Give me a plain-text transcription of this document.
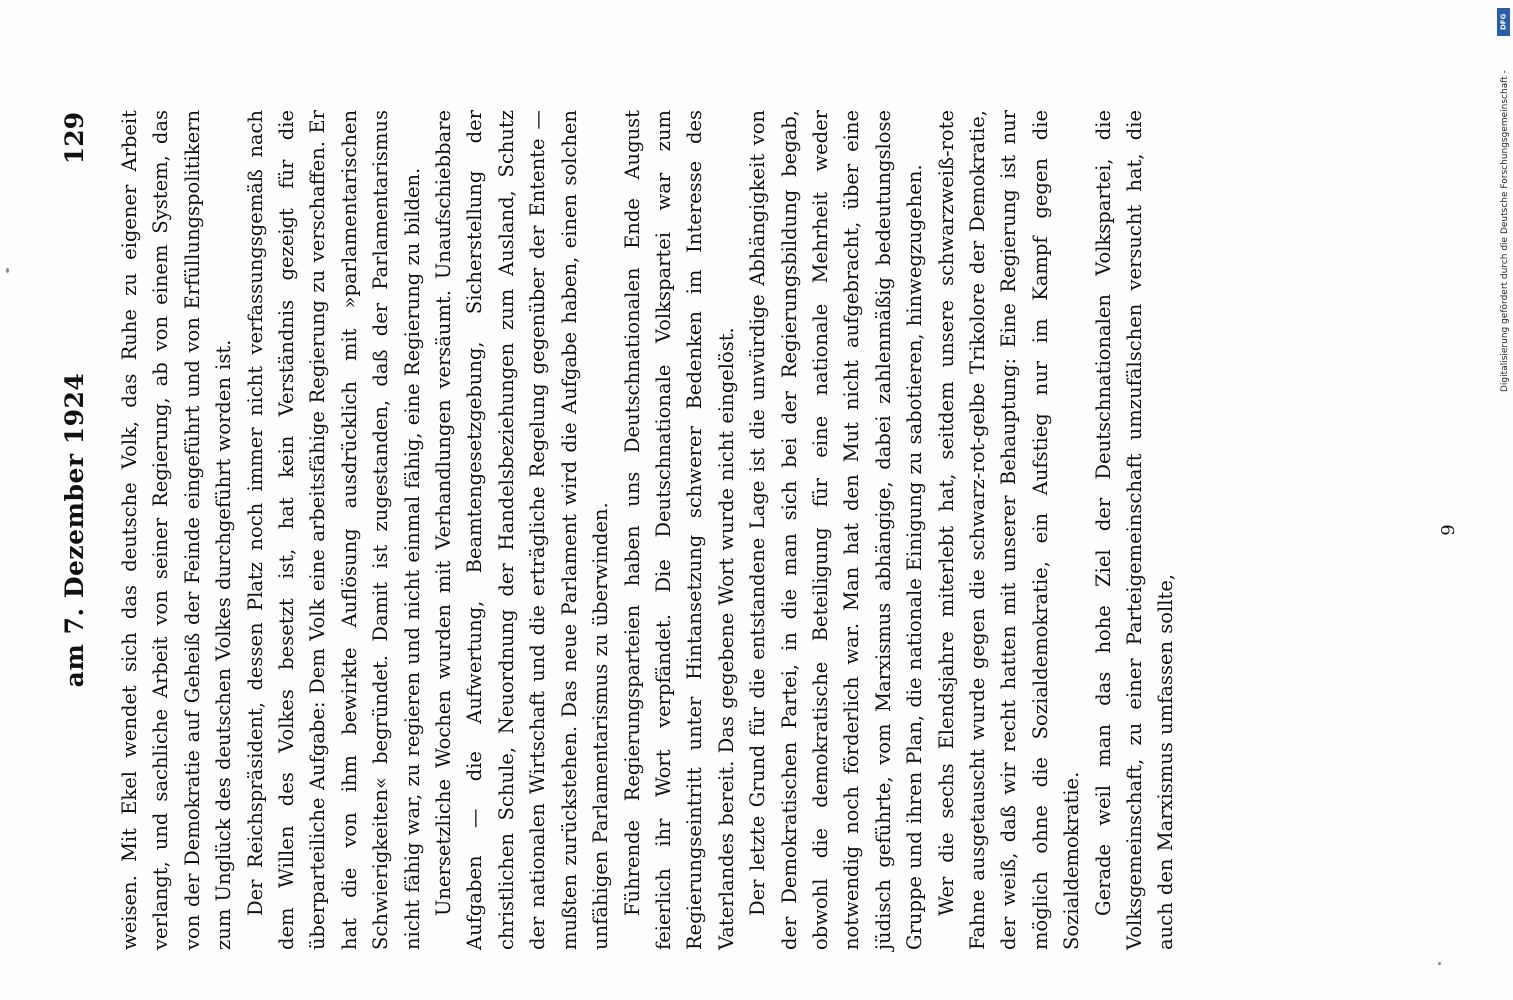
am 7. Dezember 1924
129 weisen. Mit Ekel wendet sich das deutsche Volk, das Ruhe zu eigener Arbeit verlangt, und sachliche Arbeit von seiner Regierung, ab von einem System, das von der Demokratie auf Geheiß der Feinde eingeführt und von Erfüllungspolitikern zum Unglück des deutschen Volkes durchgeführt worden ist. Der Reichspräsident, dessen Platz noch immer nicht verfassungsgemäß nach dem Willen des Volkes besetzt ist, hat kein Verständnis gezeigt für die überparteiliche Aufgabe: Dem Volk eine arbeitsfähige Regierung zu verschaffen. Er hat die von ihm bewirkte Auflösung ausdrücklich mit »parlamentarischen Schwierigkeiten« begründet. Damit ist zugestanden, daß der Parlamentarismus nicht fähig war, zu regieren und nicht einmal fähig, eine Regierung zu bilden. Unersetzliche Wochen wurden mit Verhandlungen versäumt. Unaufschiebbare Aufgaben — die Aufwertung, Beamtengesetzgebung, Sicherstellung der christlichen Schule, Neuordnung der Handelsbeziehungen zum Ausland, Schutz der nationalen Wirtschaft und die erträgliche Regelung gegenüber der Entente — mußten zurückstehen. Das neue Parlament wird die Aufgabe haben, einen solchen unfähigen Parlamentarismus zu überwinden. Führende Regierungsparteien haben uns Deutschnationalen Ende August feierlich ihr Wort verpfändet. Die Deutschnationale Volkspartei war zum Regierungseintritt unter Hintansetzung schwerer Bedenken im Interesse des Vaterlandes bereit. Das gegebene Wort wurde nicht eingelöst. Der letzte Grund für die entstandene Lage ist die unwürdige Abhängigkeit von der Demokratischen Partei, in die man sich bei der Regierungsbildung begab, obwohl die demokratische Beteiligung für eine nationale Mehrheit weder notwendig noch förderlich war. Man hat den Mut nicht aufgebracht, über eine jüdisch geführte, vom Marxismus abhängige, dabei zahlenmäßig bedeutungslose Gruppe und ihren Plan, die nationale Einigung zu sabotieren, hinwegzugehen. Wer die sechs Elendsjahre miterlebt hat, seitdem unsere schwarzweiß-rote Fahne ausgetauscht wurde gegen die schwarz-rot-gelbe Trikolore der Demokratie, der weiß, daß wir recht hatten mit unserer Behauptung: Eine Regierung ist nur möglich ohne die Sozialdemokratie, ein Aufstieg nur im Kampf gegen die Sozialdemokratie. Gerade weil man das hohe Ziel der Deutschnationalen Volkspartei, die Volksgemeinschaft, zu einer Parteigemeinschaft umzufälschen versucht hat, die auch den Marxismus umfassen sollte,

9
Digitalisierung gefördert durch die Deutsche Forschungsgemeinschaft -
DFG
